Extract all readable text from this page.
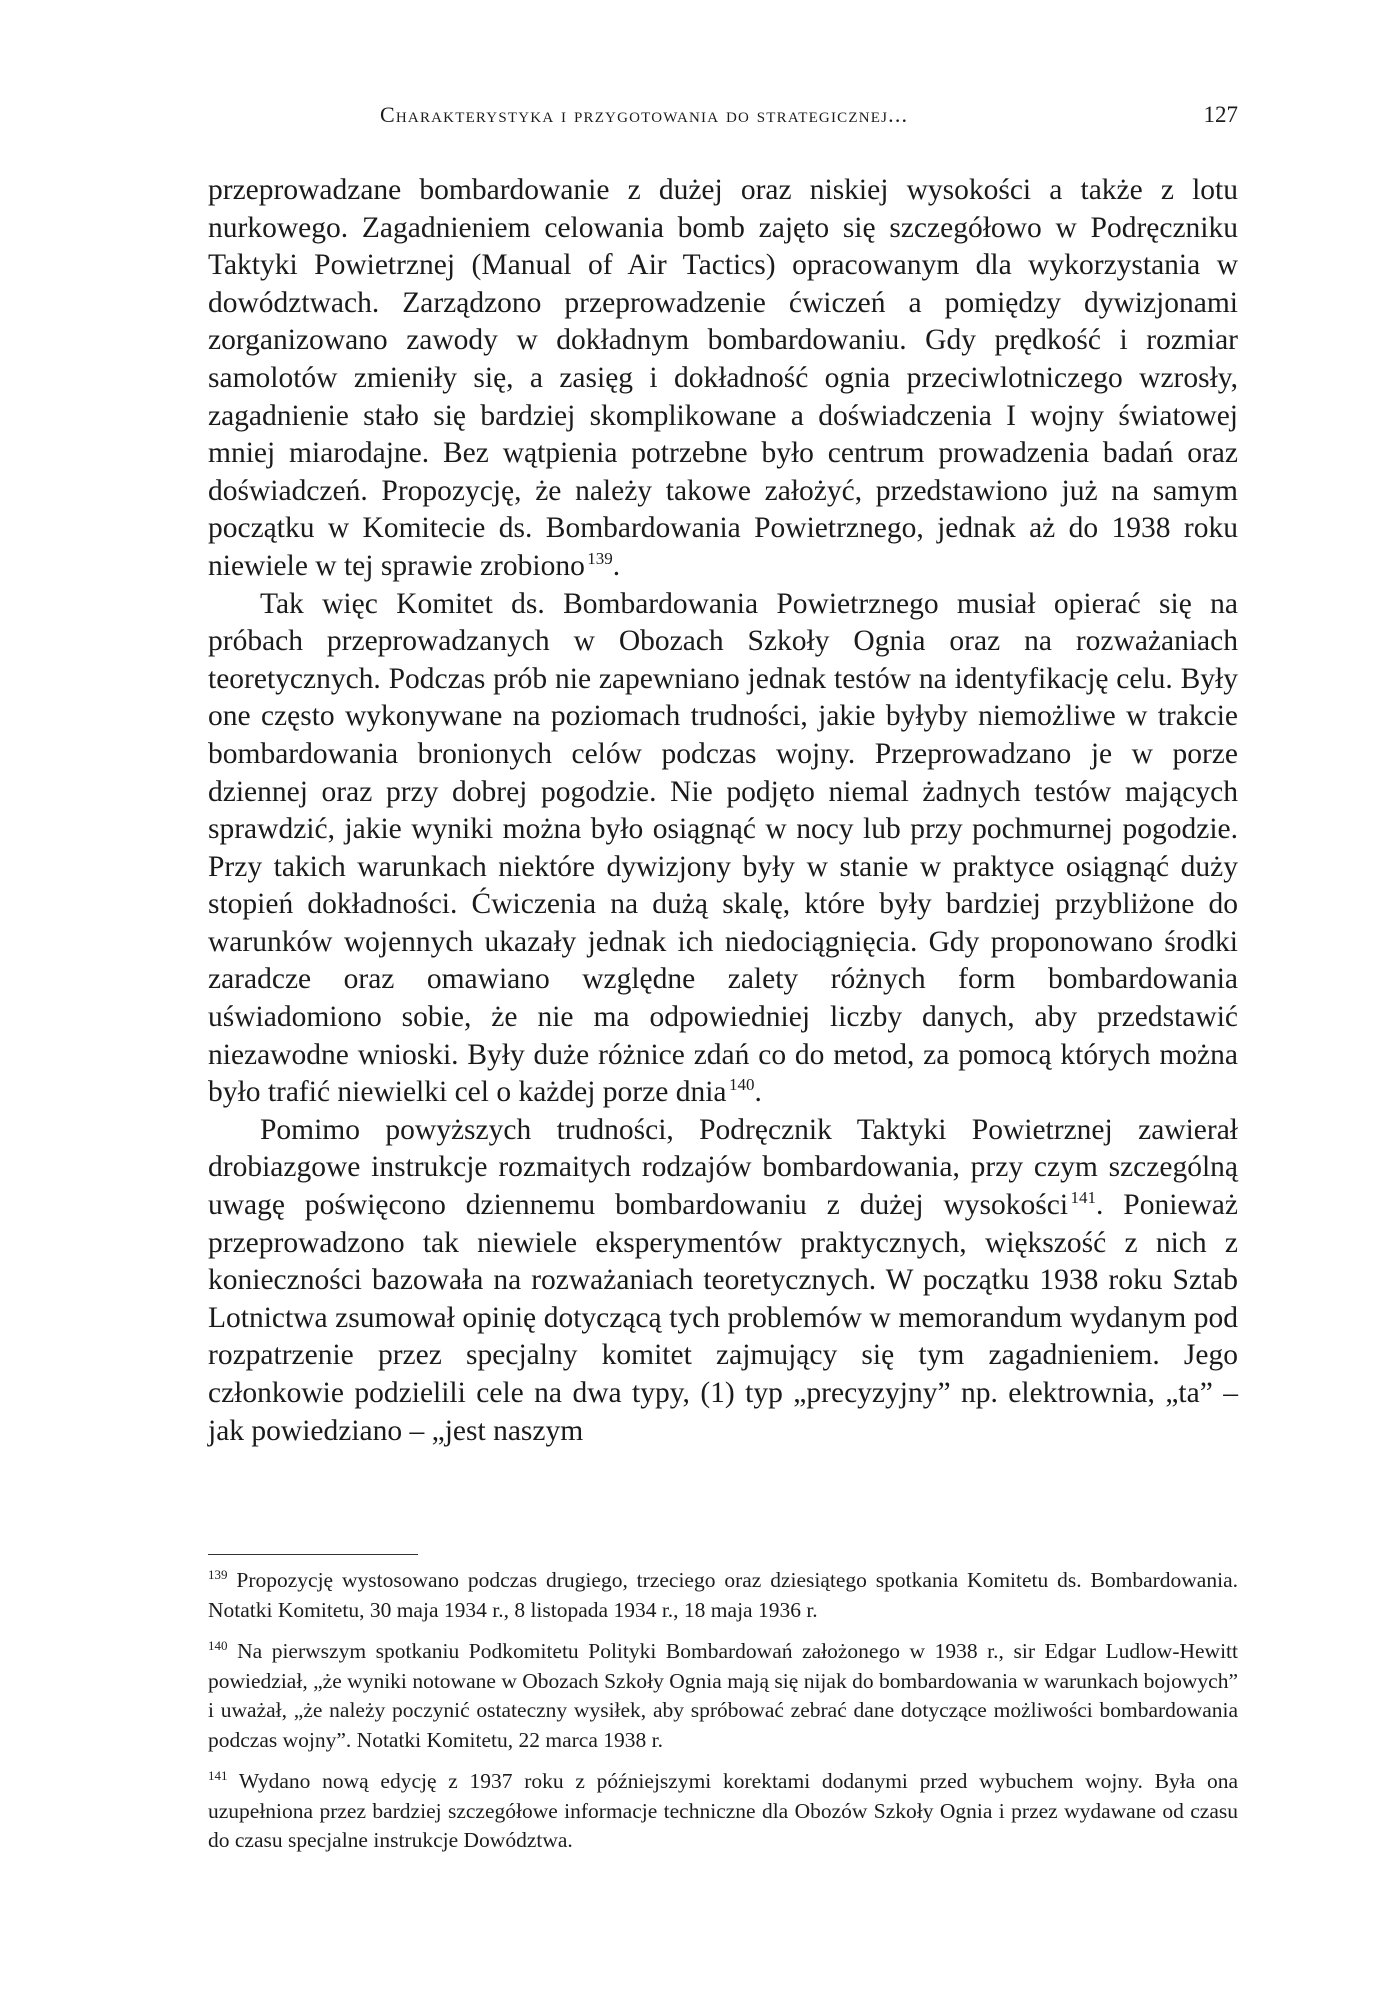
Charakterystyka i przygotowania do strategicznej...	127

przeprowadzane bombardowanie z dużej oraz niskiej wysokości a także z lotu nurkowego. Zagadnieniem celowania bomb zajęto się szczegółowo w Podręczniku Taktyki Powietrznej (Manual of Air Tactics) opracowanym dla wykorzystania w dowództwach. Zarządzono przeprowadzenie ćwiczeń a pomiędzy dywizjonami zorganizowano zawody w dokładnym bombardowaniu. Gdy prędkość i rozmiar samolotów zmieniły się, a zasięg i dokładność ognia przeciwlotniczego wzrosły, zagadnienie stało się bardziej skomplikowane a doświadczenia I wojny światowej mniej miarodajne. Bez wątpienia potrzebne było centrum prowadzenia badań oraz doświadczeń. Propozycję, że należy takowe założyć, przedstawiono już na samym początku w Komitecie ds. Bombardowania Powietrznego, jednak aż do 1938 roku niewiele w tej sprawie zrobiono  $^{139}$.

Tak więc Komitet ds. Bombardowania Powietrznego musiał opierać się na próbach przeprowadzanych w Obozach Szkoły Ognia oraz na rozważaniach teoretycznych. Podczas prób nie zapewniano jednak testów na identyfikację celu. Były one często wykonywane na poziomach trudności, jakie byłyby niemożliwe w trakcie bombardowania bronionych celów podczas wojny. Przeprowadzano je w porze dziennej oraz przy dobrej pogodzie. Nie podjęto niemal żadnych testów mających sprawdzić, jakie wyniki można było osiągnąć w nocy lub przy pochmurnej pogodzie. Przy takich warunkach niektóre dywizjony były w stanie w praktyce osiągnąć duży stopień dokładności. Ćwiczenia na dużą skalę, które były bardziej przybliżone do warunków wojennych ukazały jednak ich niedociągnięcia. Gdy proponowano środki zaradcze oraz omawiano względne zalety różnych form bombardowania uświadomiono sobie, że nie ma odpowiedniej liczby danych, aby przedstawić niezawodne wnioski. Były duże różnice zdań co do metod, za pomocą których można było trafić niewielki cel o każdej porze dnia  $^{140}$.

Pomimo powyższych trudności, Podręcznik Taktyki Powietrznej zawierał drobiazgowe instrukcje rozmaitych rodzajów bombardowania, przy czym szczególną uwagę poświęcono dziennemu bombardowaniu z dużej wysokości  $^{141}$. Ponieważ przeprowadzono tak niewiele eksperymentów praktycznych, większość z nich z konieczności bazowała na rozważaniach teoretycznych. W początku 1938 roku Sztab Lotnictwa zsumował opinię dotyczącą tych problemów w memorandum wydanym pod rozpatrzenie przez specjalny komitet zajmujący się tym zagadnieniem. Jego członkowie podzielili cele na dwa typy, (1) typ „precyzyjny” np. elektrownia, „ta” – jak powiedziano – „jest naszym

$^{139}$ Propozycję wystosowano podczas drugiego, trzeciego oraz dziesiątego spotkania Komitetu ds. Bombardowania. Notatki Komitetu, 30 maja 1934 r., 8 listopada 1934 r., 18 maja 1936 r.

$^{140}$ Na pierwszym spotkaniu Podkomitetu Polityki Bombardowań założonego w 1938 r., sir Edgar Ludlow-Hewitt powiedział, „że wyniki notowane w Obozach Szkoły Ognia mają się nijak do bombardowania w warunkach bojowych” i uważał, „że należy poczynić ostateczny wysiłek, aby spróbować zebrać dane dotyczące możliwości bombardowania podczas wojny”. Notatki Komitetu, 22 marca 1938 r.

$^{141}$ Wydano nową edycję z 1937 roku z późniejszymi korektami dodanymi przed wybuchem wojny. Była ona uzupełniona przez bardziej szczegółowe informacje techniczne dla Obozów Szkoły Ognia i przez wydawane od czasu do czasu specjalne instrukcje Dowództwa.
